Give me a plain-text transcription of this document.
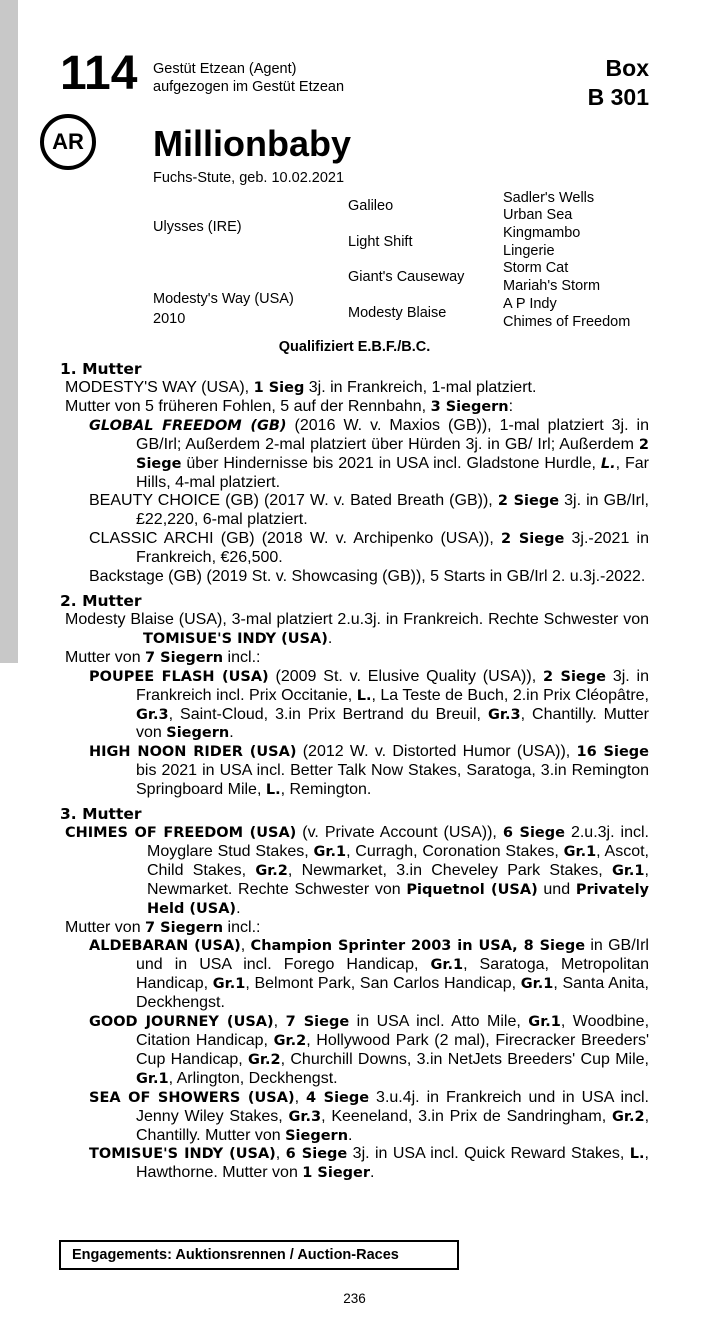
114 Gestüt Etzean (Agent)
aufgezogen im Gestüt Etzean
Box
B 301
AR	Millionbaby
Fuchs-Stute, geb. 10.02.2021
Ulysses (IRE)
Modesty's Way (USA)
2010
Galileo
Light Shift
Giant's Causeway
Modesty Blaise
Sadler's Wells
Urban Sea
Kingmambo
Lingerie
Storm Cat
Mariah's Storm
A P Indy
Chimes of Freedom
Qualifiziert E.B.F./B.C.
1. Mutter
MODESTY'S WAY (USA), 1 Sieg 3j. in Frankreich, 1-mal platziert.
Mutter von 5 früheren Fohlen, 5 auf der Rennbahn, 3 Siegern:
GLOBAL FREEDOM (GB) (2016 W. v. Maxios (GB)), 1-mal platziert 3j. in GB/Irl; Außerdem 2-mal platziert über Hürden 3j. in GB/ Irl; Außerdem 2 Siege über Hindernisse bis 2021 in USA incl. Gladstone Hurdle, L., Far Hills, 4-mal platziert.
BEAUTY CHOICE (GB) (2017 W. v. Bated Breath (GB)), 2 Siege 3j. in GB/Irl, £22,220, 6-mal platziert.
CLASSIC ARCHI (GB) (2018 W. v. Archipenko (USA)), 2 Siege 3j.-2021 in Frankreich, €26,500.
Backstage (GB) (2019 St. v. Showcasing (GB)), 5 Starts in GB/Irl 2. u.3j.-2022.
2. Mutter
Modesty Blaise (USA), 3-mal platziert 2.u.3j. in Frankreich. Rechte Schwester von TOMISUE'S INDY (USA).
Mutter von 7 Siegern incl.:
POUPEE FLASH (USA) (2009 St. v. Elusive Quality (USA)), 2 Siege 3j. in Frankreich incl. Prix Occitanie, L., La Teste de Buch, 2.in Prix Cléopâtre, Gr.3, Saint-Cloud, 3.in Prix Bertrand du Breuil, Gr.3, Chantilly. Mutter von Siegern.
HIGH NOON RIDER (USA) (2012 W. v. Distorted Humor (USA)), 16 Siege bis 2021 in USA incl. Better Talk Now Stakes, Saratoga, 3.in Remington Springboard Mile, L., Remington.
3. Mutter
CHIMES OF FREEDOM (USA) (v. Private Account (USA)), 6 Siege 2.u.3j. incl. Moyglare Stud Stakes, Gr.1, Curragh, Coronation Stakes, Gr.1, Ascot, Child Stakes, Gr.2, Newmarket, 3.in Cheveley Park Stakes, Gr.1, Newmarket. Rechte Schwester von Piquetnol (USA) und Privately Held (USA).
Mutter von 7 Siegern incl.:
ALDEBARAN (USA), Champion Sprinter 2003 in USA, 8 Siege in GB/Irl und in USA incl. Forego Handicap, Gr.1, Saratoga, Metropolitan Handicap, Gr.1, Belmont Park, San Carlos Handicap, Gr.1, Santa Anita, Deckhengst.
GOOD JOURNEY (USA), 7 Siege in USA incl. Atto Mile, Gr.1, Woodbine, Citation Handicap, Gr.2, Hollywood Park (2 mal), Firecracker Breeders' Cup Handicap, Gr.2, Churchill Downs, 3.in NetJets Breeders' Cup Mile, Gr.1, Arlington, Deckhengst.
SEA OF SHOWERS (USA), 4 Siege 3.u.4j. in Frankreich und in USA incl. Jenny Wiley Stakes, Gr.3, Keeneland, 3.in Prix de Sandringham, Gr.2, Chantilly. Mutter von Siegern.
TOMISUE'S INDY (USA), 6 Siege 3j. in USA incl. Quick Reward Stakes, L., Hawthorne. Mutter von 1 Sieger.
Engagements: Auktionsrennen / Auction-Races
236
